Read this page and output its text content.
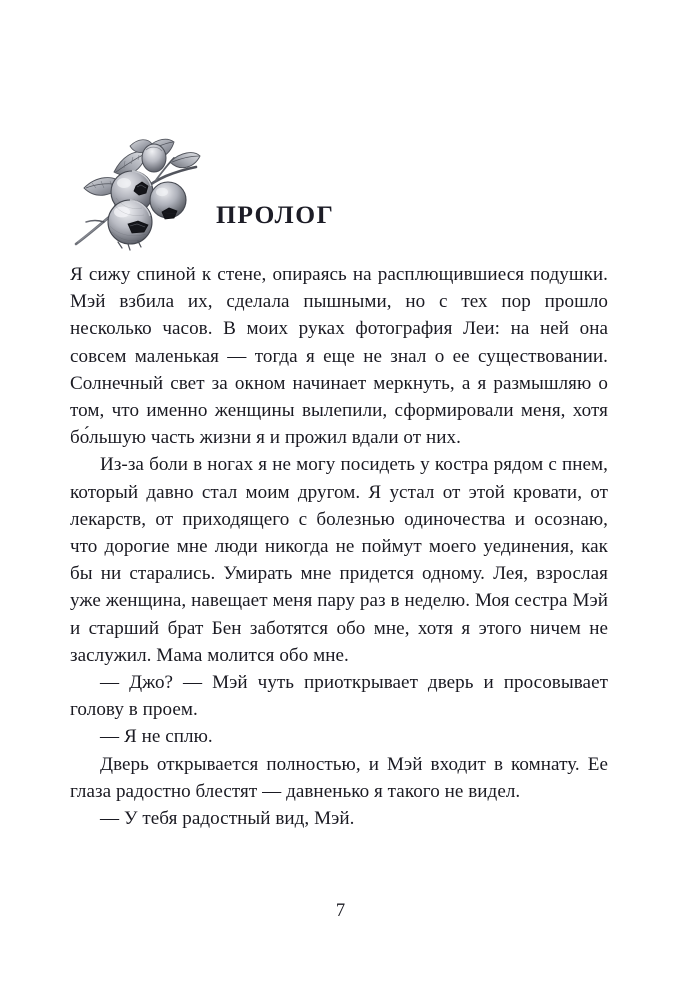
ПРОЛОГ

Я сижу спиной к стене, опираясь на расплющившиеся подушки. Мэй взбила их, сделала пышными, но с тех пор прошло несколько часов. В моих руках фотография Леи: на ней она совсем маленькая — тогда я еще не знал о ее существовании. Солнечный свет за окном начинает меркнуть, а я размышляю о том, что именно женщины вылепили, сформировали меня, хотя бо́льшую часть жизни я и прожил вдали от них.

Из-за боли в ногах я не могу посидеть у костра рядом с пнем, который давно стал моим другом. Я устал от этой кровати, от лекарств, от приходящего с болезнью одиночества и осознаю, что дорогие мне люди никогда не поймут моего уединения, как бы ни старались. Умирать мне придется одному. Лея, взрослая уже женщина, навещает меня пару раз в неделю. Моя сестра Мэй и старший брат Бен заботятся обо мне, хотя я этого ничем не заслужил. Мама молится обо мне.

— Джо? — Мэй чуть приоткрывает дверь и просовывает голову в проем.

— Я не сплю.

Дверь открывается полностью, и Мэй входит в комнату. Ее глаза радостно блестят — давненько я такого не видел.

— У тебя радостный вид, Мэй.

7
